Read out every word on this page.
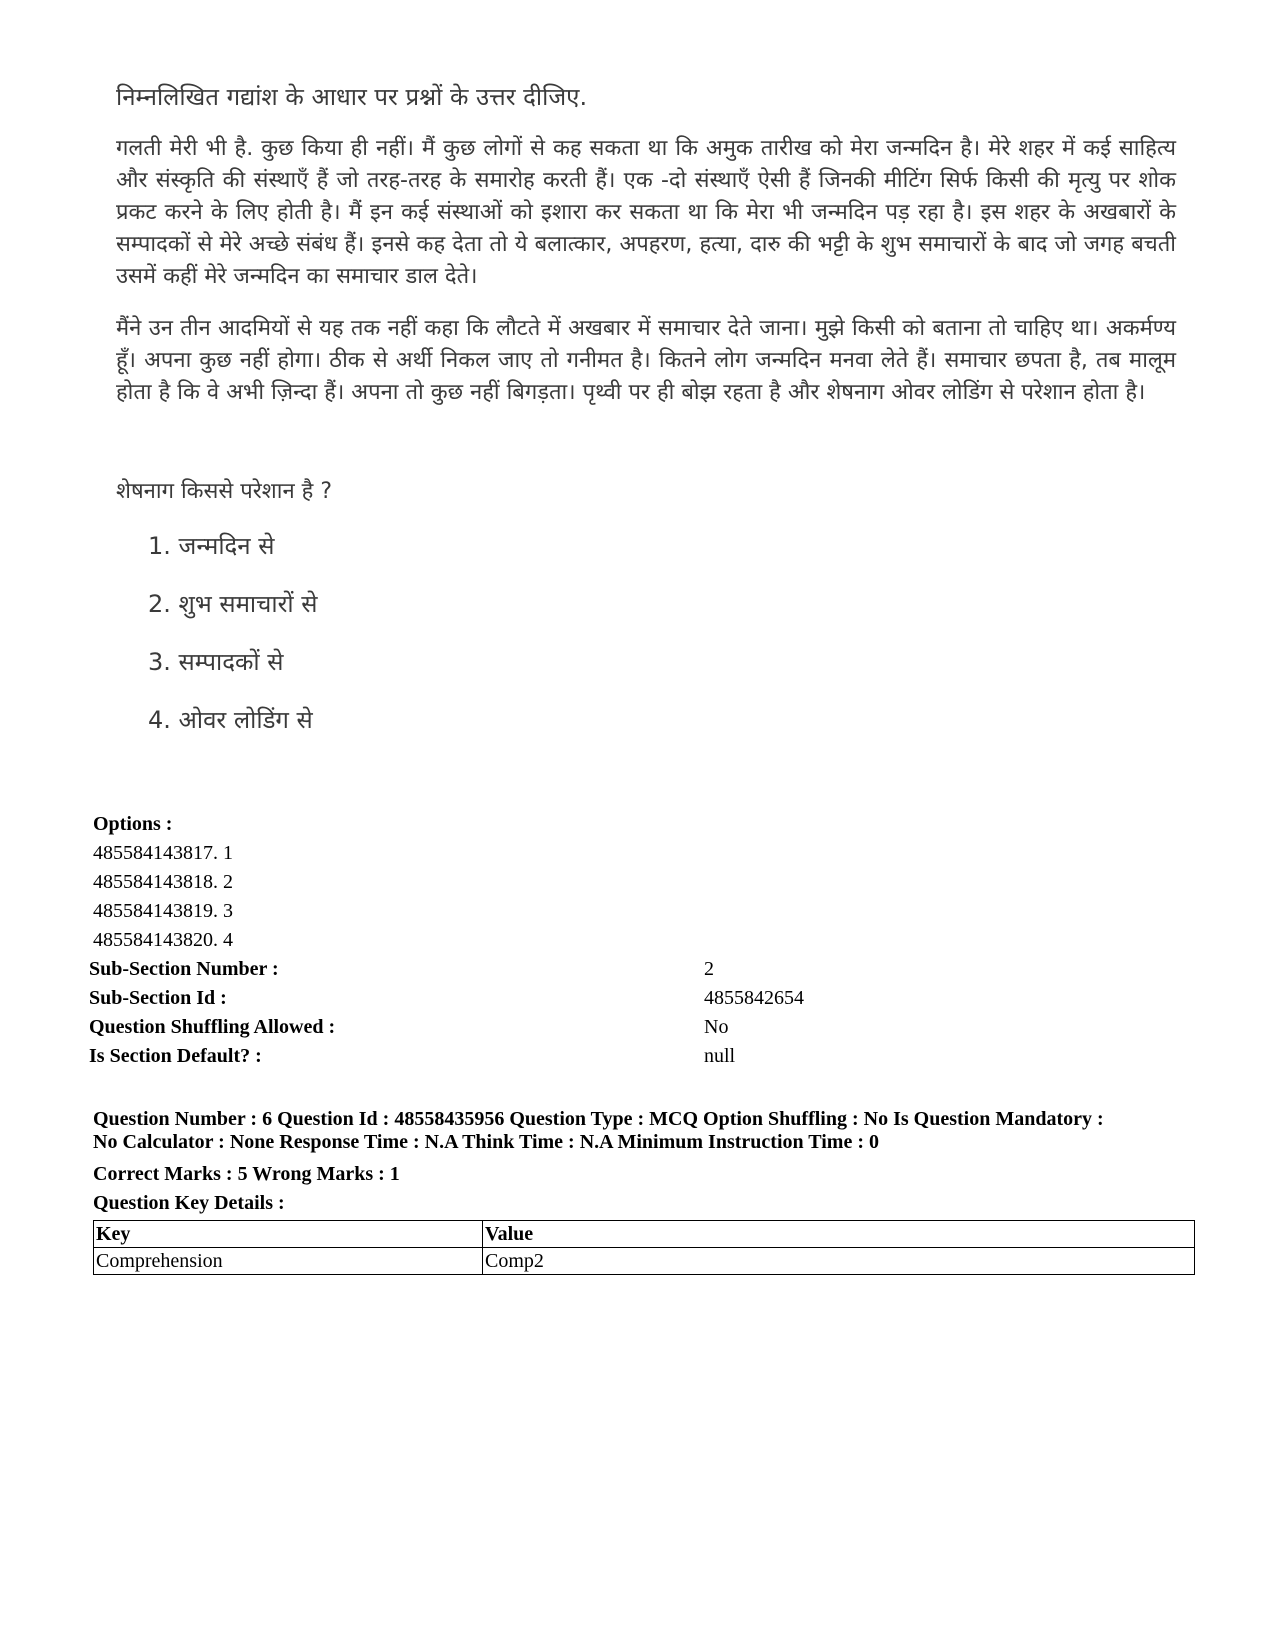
निम्नलिखित गद्यांश के आधार पर प्रश्नों के उत्तर दीजिए.

गलती मेरी भी है. कुछ किया ही नहीं। मैं कुछ लोगों से कह सकता था कि अमुक तारीख को मेरा जन्मदिन है। मेरे शहर में कई साहित्य और संस्कृति की संस्थाएँ हैं जो तरह-तरह के समारोह करती हैं। एक -दो संस्थाएँ ऐसी हैं जिनकी मीटिंग सिर्फ किसी की मृत्यु पर शोक प्रकट करने के लिए होती है। मैं इन कई संस्थाओं को इशारा कर सकता था कि मेरा भी जन्मदिन पड़ रहा है। इस शहर के अखबारों के सम्पादकों से मेरे अच्छे संबंध हैं। इनसे कह देता तो ये बलात्कार, अपहरण, हत्या, दारु की भट्टी के शुभ समाचारों के बाद जो जगह बचती उसमें कहीं मेरे जन्मदिन का समाचार डाल देते।

मैंने उन तीन आदमियों से यह तक नहीं कहा कि लौटते में अखबार में समाचार देते जाना। मुझे किसी को बताना तो चाहिए था। अकर्मण्य हूँ। अपना कुछ नहीं होगा। ठीक से अर्थी निकल जाए तो गनीमत है। कितने लोग जन्मदिन मनवा लेते हैं। समाचार छपता है, तब मालूम होता है कि वे अभी ज़िन्दा हैं। अपना तो कुछ नहीं बिगड़ता। पृथ्वी पर ही बोझ रहता है और शेषनाग ओवर लोडिंग से परेशान होता है।

शेषनाग किससे परेशान है ?
1. जन्मदिन से
2. शुभ समाचारों से
3. सम्पादकों से
4. ओवर लोडिंग से
Options :
485584143817. 1
485584143818. 2
485584143819. 3
485584143820. 4
Sub-Section Number :	2
Sub-Section Id :	4855842654
Question Shuffling Allowed :	No
Is Section Default? :	null
Question Number : 6 Question Id : 48558435956 Question Type : MCQ Option Shuffling : No Is Question Mandatory :
No Calculator : None Response Time : N.A Think Time : N.A Minimum Instruction Time : 0
Correct Marks : 5 Wrong Marks : 1
Question Key Details :
Key	Value
Comprehension	Comp2
